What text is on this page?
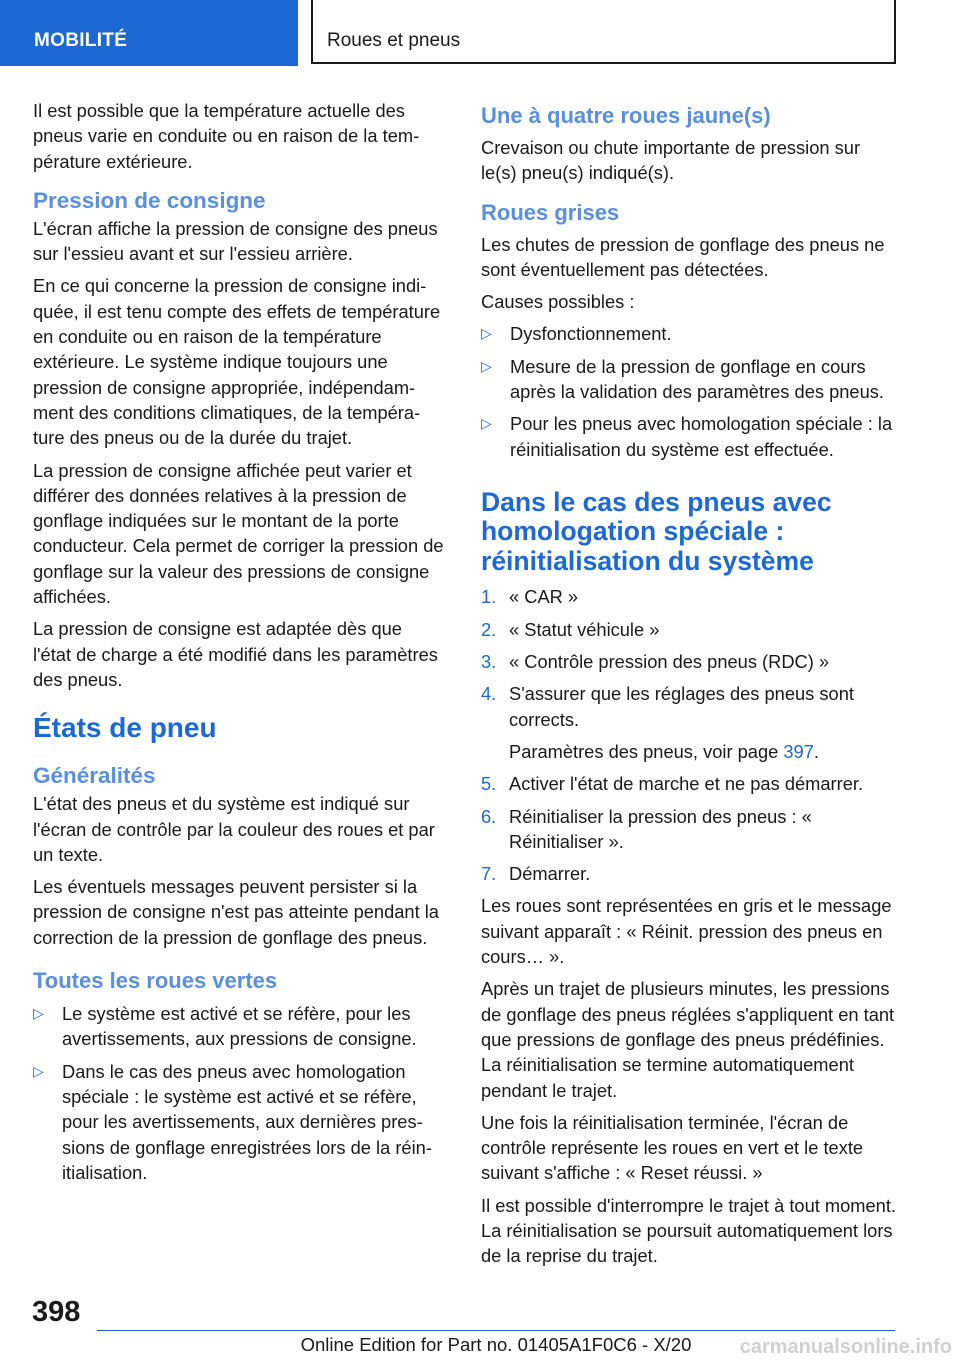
MOBILITÉ	Roues et pneus

Il est possible que la température actuelle des pneus varie en conduite ou en raison de la température extérieure.

Pression de consigne

L'écran affiche la pression de consigne des pneus sur l'essieu avant et sur l'essieu arrière.

En ce qui concerne la pression de consigne indiquée, il est tenu compte des effets de température en conduite ou en raison de la température extérieure. Le système indique toujours une pression de consigne appropriée, indépendamment des conditions climatiques, de la température des pneus ou de la durée du trajet.

La pression de consigne affichée peut varier et différer des données relatives à la pression de gonflage indiquées sur le montant de la porte conducteur. Cela permet de corriger la pression de gonflage sur la valeur des pressions de consigne affichées.

La pression de consigne est adaptée dès que l'état de charge a été modifié dans les paramètres des pneus.

États de pneu
Généralités

L'état des pneus et du système est indiqué sur l'écran de contrôle par la couleur des roues et par un texte.

Les éventuels messages peuvent persister si la pression de consigne n'est pas atteinte pendant la correction de la pression de gonflage des pneus.

Toutes les roues vertes
▷ Le système est activé et se réfère, pour les avertissements, aux pressions de consigne.
▷ Dans le cas des pneus avec homologation spéciale : le système est activé et se réfère, pour les avertissements, aux dernières pressions de gonflage enregistrées lors de la réinitialisation.
Une à quatre roues jaune(s)

Crevaison ou chute importante de pression sur le(s) pneu(s) indiqué(s).

Roues grises

Les chutes de pression de gonflage des pneus ne sont éventuellement pas détectées.

Causes possibles :

▷ Dysfonctionnement.
▷ Mesure de la pression de gonflage en cours après la validation des paramètres des pneus.
▷ Pour les pneus avec homologation spéciale : la réinitialisation du système est effectuée.
Dans le cas des pneus avec homologation spéciale : réinitialisation du système
1. « CAR »
2. « Statut véhicule »
3. « Contrôle pression des pneus (RDC) »
4. S'assurer que les réglages des pneus sont corrects.
Paramètres des pneus, voir page 397.
5. Activer l'état de marche et ne pas démarrer.
6. Réinitialiser la pression des pneus : « Réinitialiser ».
7. Démarrer.

Les roues sont représentées en gris et le message suivant apparaît : « Réinit. pression des pneus en cours… ».

Après un trajet de plusieurs minutes, les pressions de gonflage des pneus réglées s'appliquent en tant que pressions de gonflage des pneus prédéfinies. La réinitialisation se termine automatiquement pendant le trajet.

Une fois la réinitialisation terminée, l'écran de contrôle représente les roues en vert et le texte suivant s'affiche : « Reset réussi. »

Il est possible d'interrompre le trajet à tout moment. La réinitialisation se poursuit automatiquement lors de la reprise du trajet.

398
Online Edition for Part no. 01405A1F0C6 - X/20	carmanualsonline.info
